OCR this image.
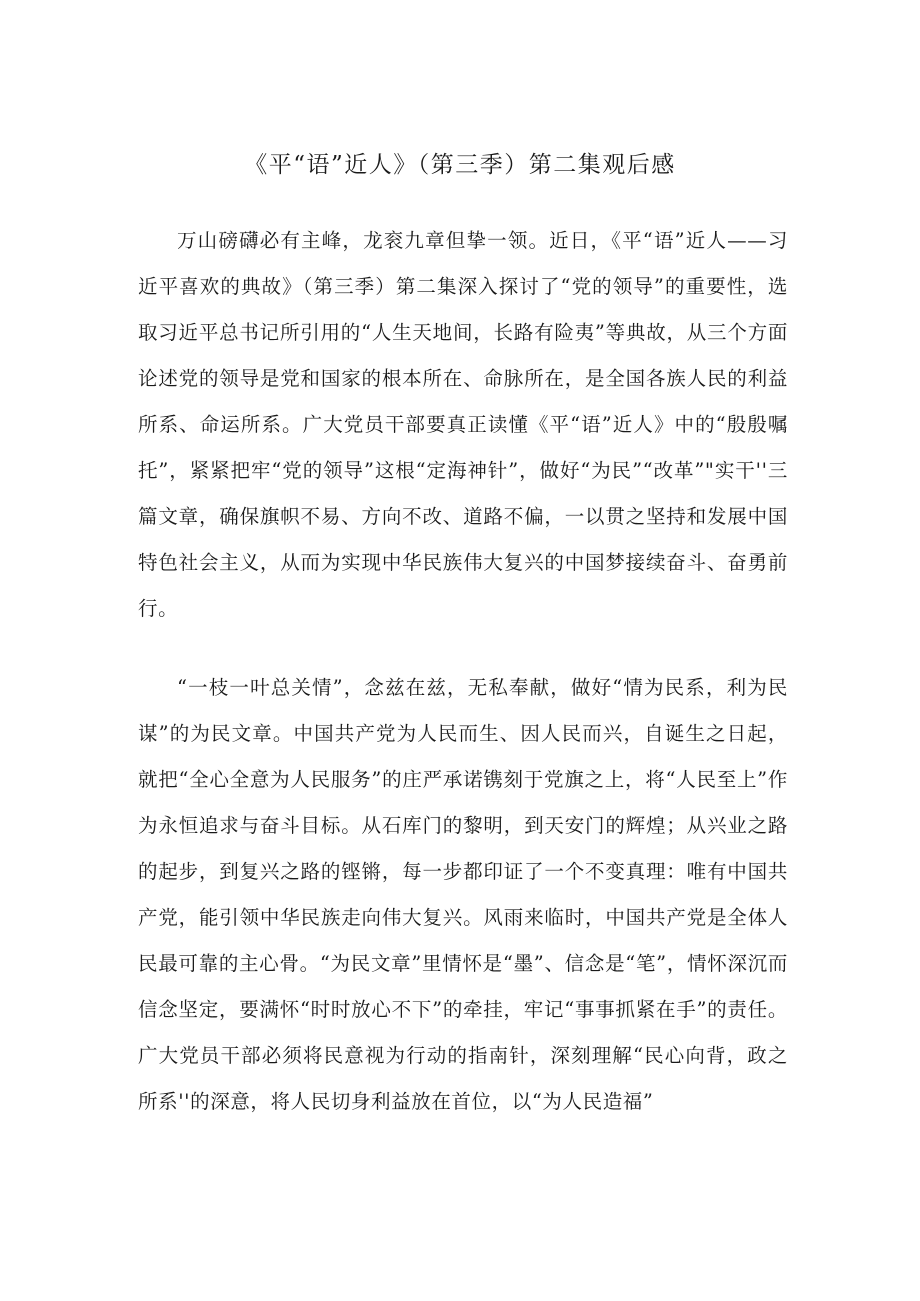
《平“语”近人》（第三季）第二集观后感

万山磅礴必有主峰，龙衮九章但挚一领。近日，《平“语”近人——习近平喜欢的典故》（第三季）第二集深入探讨了“党的领导”的重要性，选取习近平总书记所引用的“人生天地间，长路有险夷”等典故，从三个方面论述党的领导是党和国家的根本所在、命脉所在，是全国各族人民的利益所系、命运所系。广大党员干部要真正读懂《平“语”近人》中的“殷殷嘱托”，紧紧把牢“党的领导”这根“定海神针”，做好“为民”“改革”"实干''三篇文章，确保旗帜不易、方向不改、道路不偏，一以贯之坚持和发展中国特色社会主义，从而为实现中华民族伟大复兴的中国梦接续奋斗、奋勇前行。

“一枝一叶总关情”，念兹在兹，无私奉献，做好“情为民系，利为民谋”的为民文章。中国共产党为人民而生、因人民而兴，自诞生之日起，就把“全心全意为人民服务”的庄严承诺镌刻于党旗之上，将“人民至上”作为永恒追求与奋斗目标。从石库门的黎明，到天安门的辉煌；从兴业之路的起步，到复兴之路的铿锵，每一步都印证了一个不变真理：唯有中国共产党，能引领中华民族走向伟大复兴。风雨来临时，中国共产党是全体人民最可靠的主心骨。“为民文章”里情怀是“墨”、信念是“笔”，情怀深沉而信念坚定，要满怀“时时放心不下”的牵挂，牢记“事事抓紧在手”的责任。广大党员干部必须将民意视为行动的指南针，深刻理解“民心向背，政之所系''的深意，将人民切身利益放在首位，以“为人民造福”
